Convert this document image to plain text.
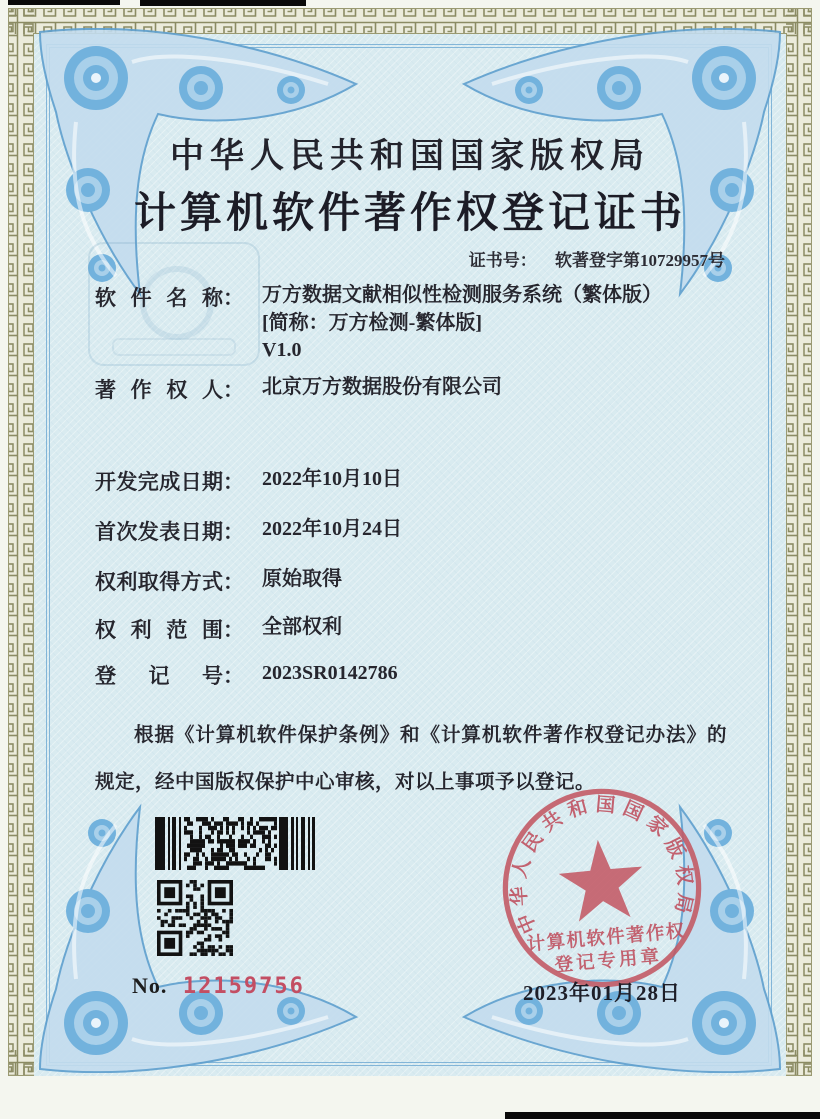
中华人民共和国国家版权局
计算机软件著作权登记证书
证书号： 软著登字第10729957号
软 件 名 称： 万方数据文献相似性检测服务系统（繁体版）
[简称：万方检测-繁体版]
V1.0
著 作 权 人： 北京万方数据股份有限公司
开发完成日期： 2022年10月10日
首次发表日期： 2022年10月24日
权利取得方式： 原始取得
权 利 范 围： 全部权利
登　记　号： 2023SR0142786
根据《计算机软件保护条例》和《计算机软件著作权登记办法》的规定，经中国版权保护中心审核，对以上事项予以登记。
No. 12159756
中华人民共和国国家版权局
计算机软件著作权
登记专用章
2023年01月28日
